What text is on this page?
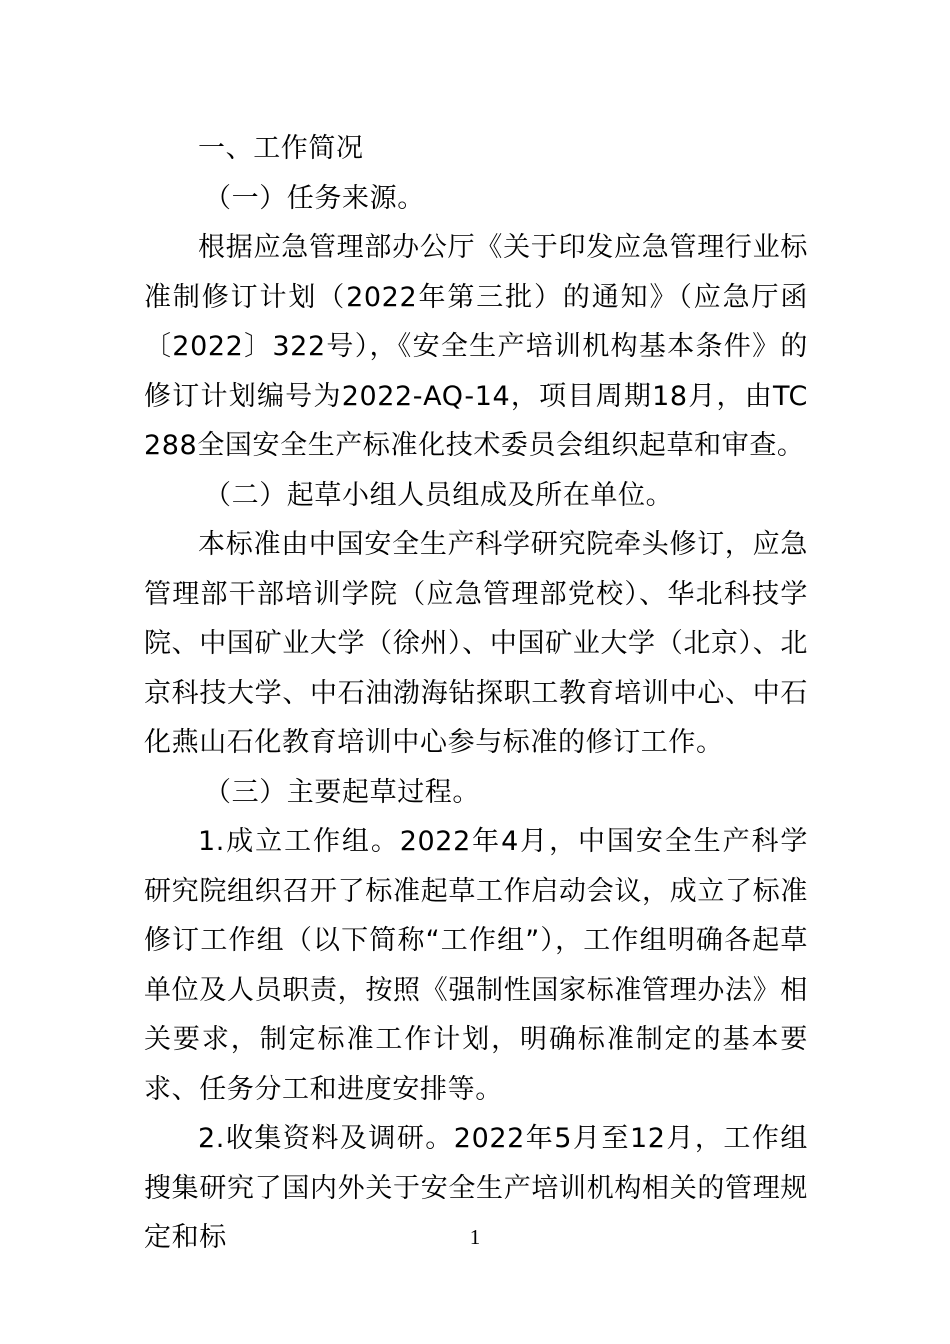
一、工作简况

（一）任务来源。

根据应急管理部办公厅《关于印发应急管理行业标准制修订计划（2022年第三批）的通知》（应急厅函〔2022〕322号），《安全生产培训机构基本条件》的修订计划编号为2022-AQ-14，项目周期18月，由TC288全国安全生产标准化技术委员会组织起草和审查。

（二）起草小组人员组成及所在单位。

本标准由中国安全生产科学研究院牵头修订，应急管理部干部培训学院（应急管理部党校）、华北科技学院、中国矿业大学（徐州）、中国矿业大学（北京）、北京科技大学、中石油渤海钻探职工教育培训中心、中石化燕山石化教育培训中心参与标准的修订工作。

（三）主要起草过程。

1.成立工作组。2022年4月，中国安全生产科学研究院组织召开了标准起草工作启动会议，成立了标准修订工作组（以下简称“工作组”），工作组明确各起草单位及人员职责，按照《强制性国家标准管理办法》相关要求，制定标准工作计划，明确标准制定的基本要求、任务分工和进度安排等。

2.收集资料及调研。2022年5月至12月，工作组搜集研究了国内外关于安全生产培训机构相关的管理规定和标	1
